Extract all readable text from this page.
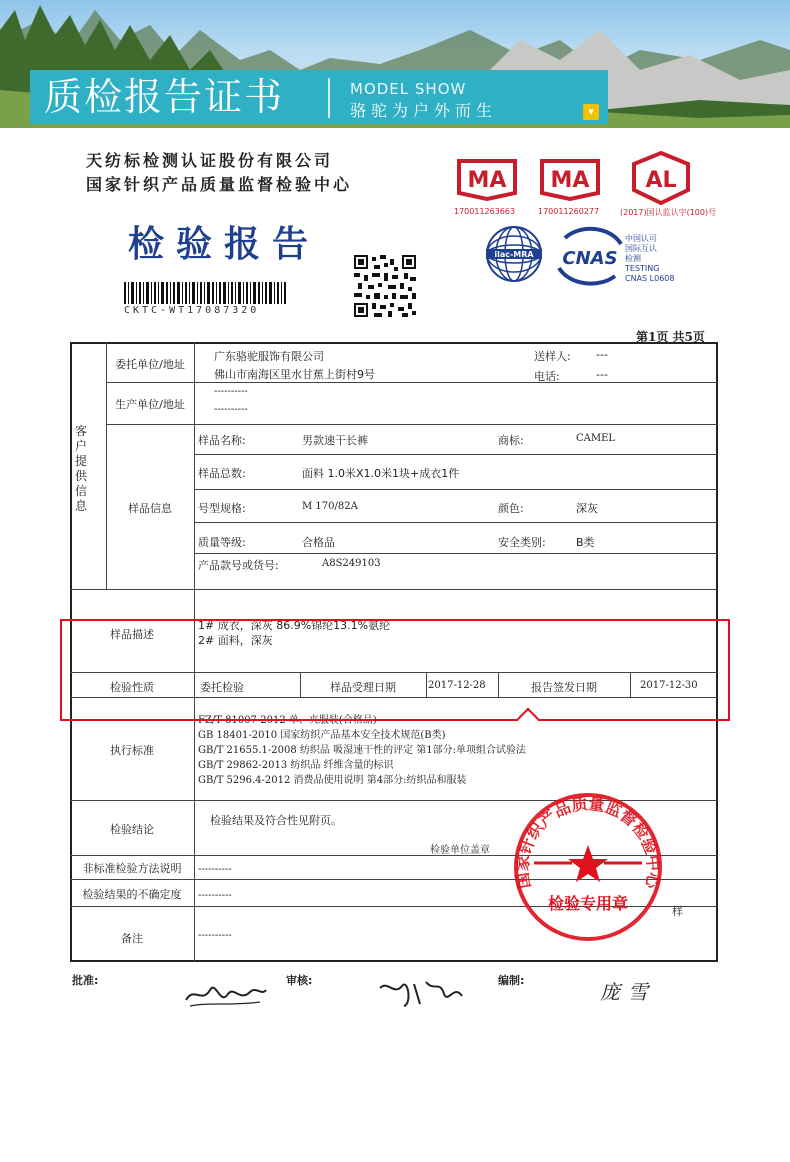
质检报告证书	MODEL SHOW
骆驼为户外而生	▾
天纺标检测认证股份有限公司
国家针织产品质量监督检验中心
检验报告
CKTC-WT17087320
MA
170011263663
MA
170011260277
AL
(2017)国认监认字(100)号
ilac-MRA CNAS
中国认可
国际互认
检测
TESTING
CNAS L0608
第1页 共5页
客户提供信息
委托单位/地址
广东骆驼服饰有限公司
佛山市南海区里水甘蕉上街村9号
送样人: ---
电话:	---
生产单位/地址
----------
----------
样品信息
样品名称:	男款速干长裤	商标:	CAMEL
样品总数:	面料 1.0米X1.0米1块+成衣1件
号型规格:	M 170/82A	颜色:	深灰
质量等级:	合格品	安全类别:	B类
产品款号或货号:	A8S249103
样品描述
1# 成衣，深灰 86.9%锦纶13.1%氨纶
2# 面料，深灰
检验性质	委托检验	样品受理日期	2017-12-28	报告签发日期	2017-12-30
执行标准
FZ/T 81007-2012 单、夹服装(合格品)
GB 18401-2010 国家纺织产品基本安全技术规范(B类)
GB/T 21655.1-2008 纺织品 吸湿速干性的评定 第1部分:单项组合试验法
GB/T 29862-2013 纺织品 纤维含量的标识
GB/T 5296.4-2012 消费品使用说明 第4部分:纺织品和服装
检验结论
检验结果及符合性见附页。
检验单位盖章
非标准检验方法说明	----------
检验结果的不确定度	----------
备注	----------
样
国家针织产品质量监督检验中心
检验专用章
批准:	审核:	编制:	庞雪
